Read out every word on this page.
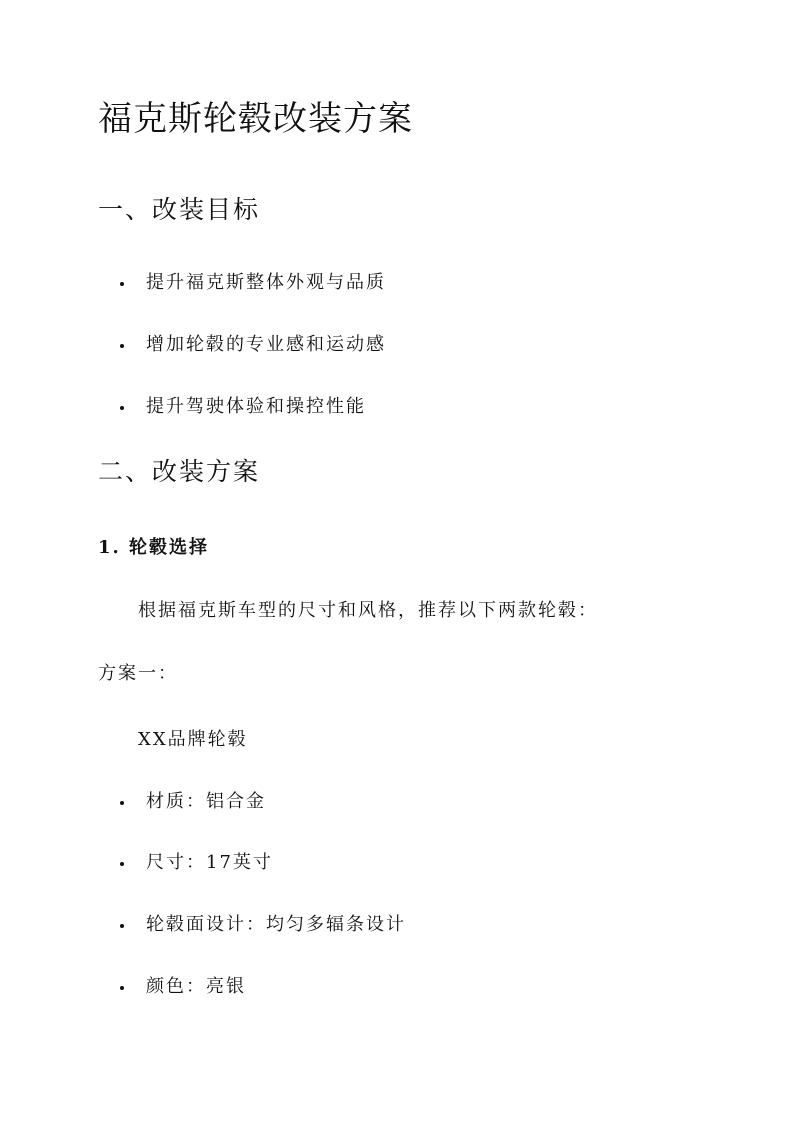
福克斯轮毂改装方案
一、改装目标
提升福克斯整体外观与品质
增加轮毂的专业感和运动感
提升驾驶体验和操控性能
二、改装方案
1. 轮毂选择
根据福克斯车型的尺寸和风格，推荐以下两款轮毂：
方案一：
XX品牌轮毂
材质：铝合金
尺寸：17英寸
轮毂面设计：均匀多辐条设计
颜色：亮银
